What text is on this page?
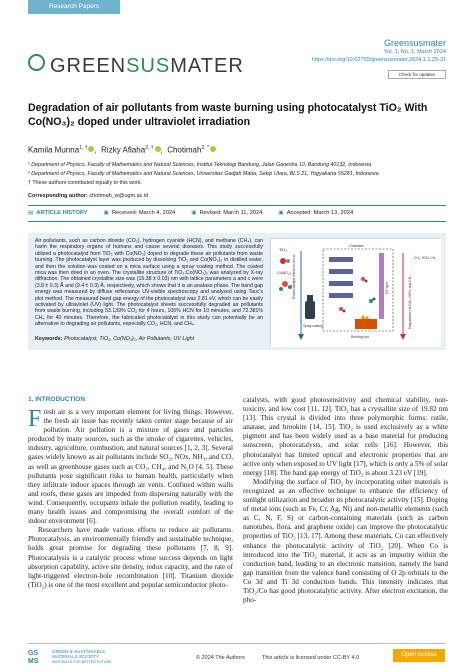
Research Papers
GREENSUSMATER
Greensusmater
Vol. 1, No. 1, March 2024
https://doi.org/10.62755/greensusmater.2024.1.1.25-31
Check for updates
Degradation of air pollutants from waste burning using photocatalyst TiO₂ With Co(NO₃)₂ doped under ultraviolet irradiation
Kamila Munna$^{1, \dagger}$ ,  Rizky Aflaha$^{2, \dagger}$ ,  Chotimah$^{2, *}$
¹ Department of Physics, Faculty of Mathematics and Natural Sciences, Institut Teknologi Bandung, Jalan Ganesha 10, Bandung 40132, Indonesia
² Department of Physics, Faculty of Mathematics and Natural Sciences, Universitas Gadjah Mada, Sekip Utara, BLS 21, Yogyakarta 55281, Indonesia
† These authors contributed equally to this work.
Corresponding author: chotimah_w@ugm.ac.id
▤ ARTICLE HISTORY	▣ Received: March 4, 2024	▣ Revised: March 11, 2024	▣ Accepted: March 13, 2024
Air pollutants, such as carbon dioxide (CO₂), hydrogen cyanide (HCN), and methane (CH₄), can harm the respiratory organs of humans and cause several diseases. This study successfully utilized a photocatalyst from TiO₂ with Co(NO₃) doped to degrade these air pollutants from waste burning. The photocatalyst layer was produced by dissolving TiO₂ and Co(NO₃)₂ in distilled water, and then the solution was coated on a mica surface using a spray coating method. The coated mica was then dried in an oven. The crystallite structure of TiO₂:Co(NO₃)₂ was analyzed by X-ray diffraction. The obtained crystallite size was (15.38 ± 0.03) nm with lattice parameters a and c were (3.8 ± 0.3) Å and (9.4 ± 0.3) Å, respectively, which shows that it is an anatase phase. The band gap energy was measured by diffuse reflectance UV-visible spectroscopy and analyzed using Tauc's plot method. The measured band gap energy of the photocatalyst was 2.81 eV, which can be easily activated by ultraviolet (UV) light. The photocatalyst sheets successfully degraded air pollutants from waste burning, including 53.139% CO₂ for 4 hours, 100% HCN for 10 minutes, and 72.381% CH₄ for 40 minutes. Therefore, the fabricated photocatalyst in this study can potentially be an alternative to degrading air pollutants, especially CO₂, HCN, and CH₄.
TiO₂
Co(NO₃)₂ Photocatalyst sheet on mica
Spray coating
Chamber
UV light
Burning box
Degradation of CO₂, HCN, and CH₄
CO₂, HCN, CH₄
Keywords: Photocatalyst, TiO₂, Co(NO₃)₂, Air Pollutants, UV Light
1. INTRODUCTION

Fresh air is a very important element for living things. However, the fresh air issue has recently taken center stage because of air pollution. Air pollution is a mixture of gases and particles produced by many sources, such as the smoke of cigarettes, vehicles, industry, agriculture, combustion, and natural sources [1, 2, 3]. Several gases widely known as air pollutants include SO₂, NOx, NH₃, and CO, as well as greenhouse gases such as CO₂, CH₄, and N₂O [4, 5]. These pollutants pose significant risks to human health, particularly when they infiltrate indoor spaces through air vents. Confined within walls and roofs, these gases are impeded from dispersing naturally with the wind. Consequently, occupants inhale the pollution readily, leading to many health issues and compromising the overall comfort of the indoor environment [6].

Researchers have made various efforts to reduce air pollutants. Photocatalysis, an environmentally friendly and sustainable technique, holds great promise for degrading these pollutants [7, 8, 9]. Photocatalysis is a catalytic process whose success depends on light absorption capability, active site density, redox capacity, and the rate of light-triggered electron-hole recombination [10]. Titanium dioxide (TiO₂) is one of the most excellent and popular semiconductor photo-

catalysts, with good photosensitivity and chemical stability, non-toxicity, and low cost [11, 12]. TiO₂ has a crystallite size of 19.82 nm [13]. This crystal is divided into three polymorphic forms: rutile, anatase, and brookite [14, 15]. TiO₂ is used exclusively as a white pigment and has been widely used as a base material for producing sunscreen, photocatalysts, and solar cells [16]. However, this photocatalyst has limited optical and electronic properties that are active only when exposed to UV light [17], which is only a 5% of solar energy [18]. The band gap energy of TiO₂ is about 3.23 eV [19].

Modifying the surface of TiO₂ by incorporating other materials is recognized as an effective technique to enhance the efficiency of sunlight utilization and broaden its photocatalytic activity [15]. Doping of metal ions (such as Fe, Cr, Ag, Ni) and non-metallic elements (such as C, N, F, S) or carbon-containing materials (such as carbon nanotubes, flora, and graphene oxide) can improve the photocatalytic properties of TiO₂ [13, 17]. Among these materials, Co can effectively enhance the photocatalytic activity of TiO₂ [20]. When Co is introduced into the TiO₂ material, it acts as an impurity within the conduction band, leading to an electronic transition, namely the band gap transition from the valence band consisting of O 2p orbitals to the Co 3d and Ti 3d conduction bands. This intensity indicates that TiO₂/Co has good photocatalytic activity. After electron excitation, the pho-

GS
MS
GREEN & SUSTAINABLE
MATERIALS SOCIETY
MATERIALS FOR BETTER FUTURE
© 2024 The Authors	This article is licensed under CC-BY 4.0	Open Access
